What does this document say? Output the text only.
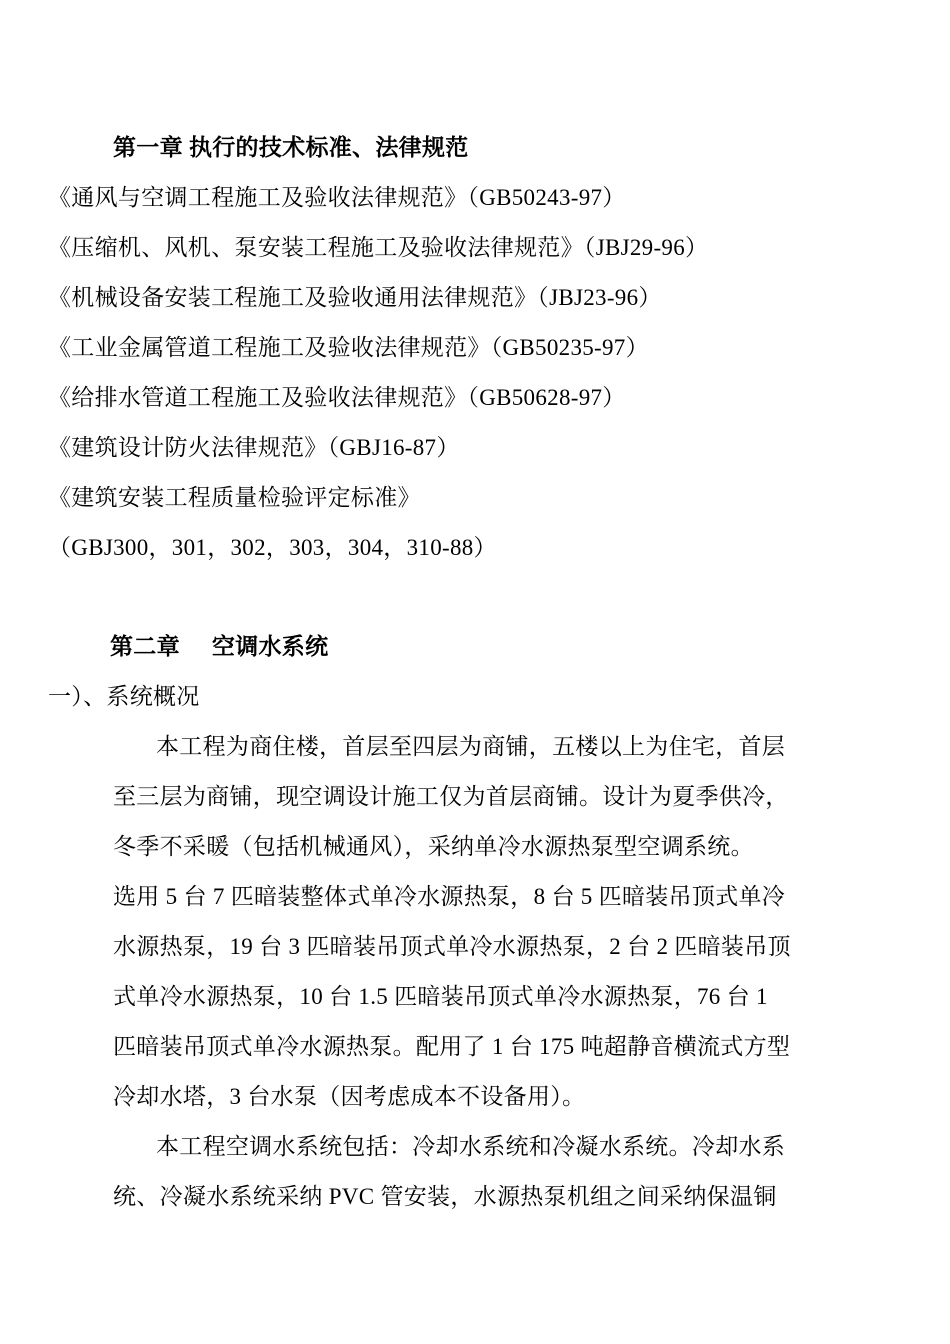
第一章 执行的技术标准、法律规范
《通风与空调工程施工及验收法律规范》（GB50243-97）
《压缩机、风机、泵安装工程施工及验收法律规范》（JBJ29-96）
《机械设备安装工程施工及验收通用法律规范》（JBJ23-96）
《工业金属管道工程施工及验收法律规范》（GB50235-97）
《给排水管道工程施工及验收法律规范》（GB50628-97）
《建筑设计防火法律规范》（GBJ16-87）
《建筑安装工程质量检验评定标准》
（GBJ300，301，302，303，304，310-88）
第二章 空调水系统
一）、系统概况
本工程为商住楼，首层至四层为商铺，五楼以上为住宅，首层
至三层为商铺，现空调设计施工仅为首层商铺。设计为夏季供冷，
冬季不采暖（包括机械通风），采纳单冷水源热泵型空调系统。
选用 5 台 7 匹暗装整体式单冷水源热泵，8 台 5 匹暗装吊顶式单冷
水源热泵，19 台 3 匹暗装吊顶式单冷水源热泵，2 台 2 匹暗装吊顶
式单冷水源热泵，10 台 1.5 匹暗装吊顶式单冷水源热泵，76 台 1
匹暗装吊顶式单冷水源热泵。配用了 1 台 175 吨超静音横流式方型
冷却水塔，3 台水泵（因考虑成本不设备用）。
本工程空调水系统包括：冷却水系统和冷凝水系统。冷却水系
统、冷凝水系统采纳 PVC 管安装，水源热泵机组之间采纳保温铜
